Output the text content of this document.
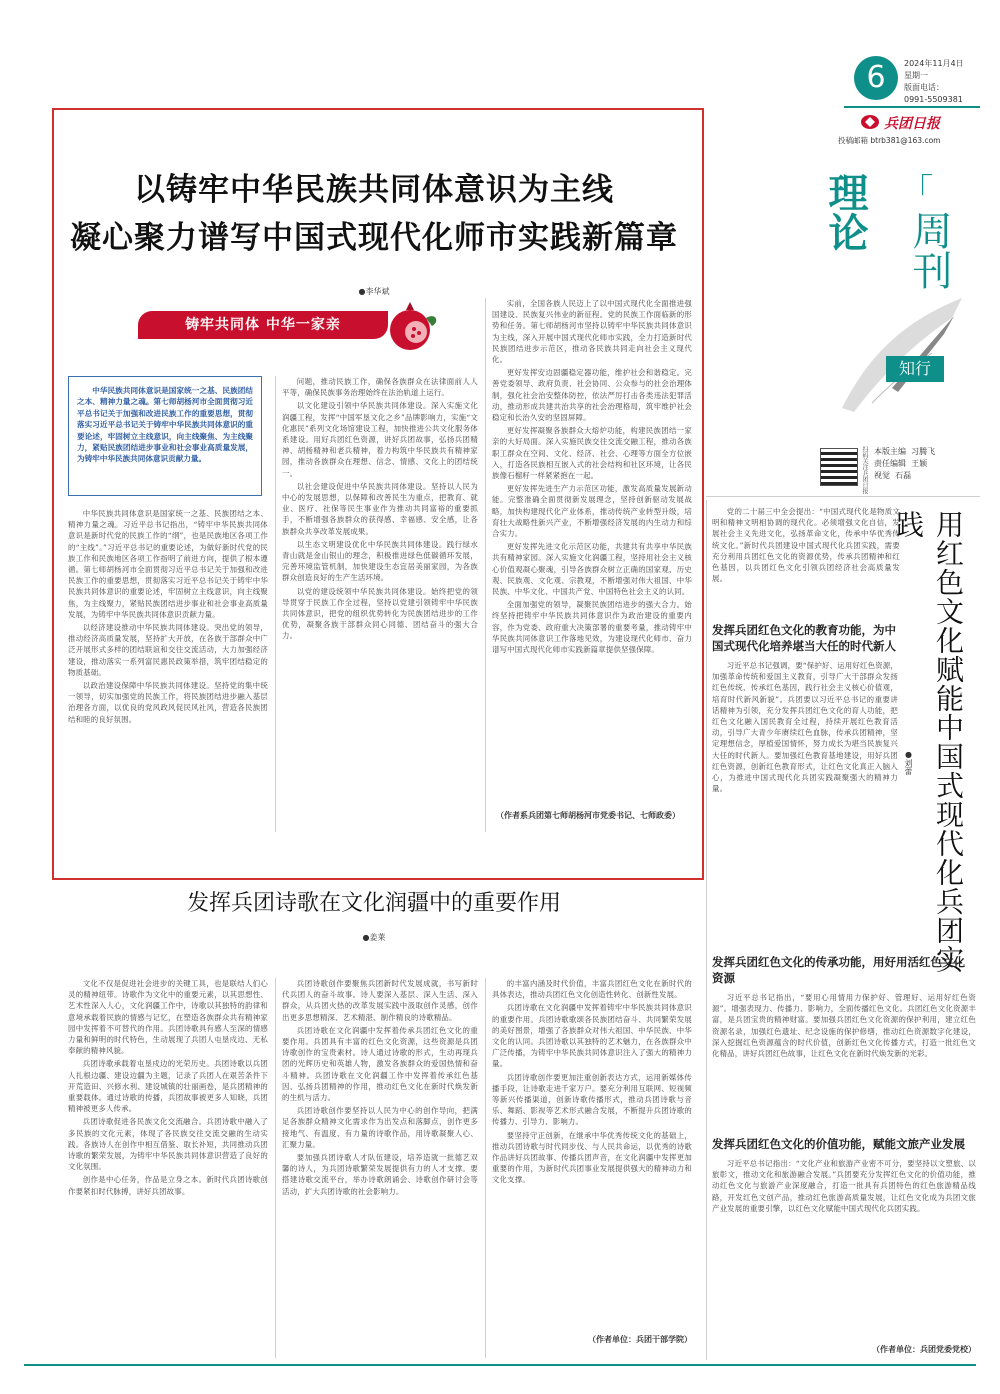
6	2024年11月4日
星期一
版面电话：
0991-5509381
兵团日报
投稿邮箱 btrb381@163.com
「
理论 周刊
知行
扫码关注兵团日报 本版主编 习腾飞
责任编辑 王颖
视觉 石磊
以铸牢中华民族共同体意识为主线
凝心聚力谱写中国式现代化师市实践新篇章
●李华斌
铸牢共同体 中华一家亲
中华民族共同体意识是国家统一之基、民族团结之本、精神力量之魂。第七师胡杨河市全面贯彻习近平总书记关于加强和改进民族工作的重要思想，贯彻落实习近平总书记关于铸牢中华民族共同体意识的重要论述，牢固树立主线意识，向主线聚焦、为主线聚力，紧贴民族团结进步事业和社会事业高质量发展，为铸牢中华民族共同体意识贡献力量。

中华民族共同体意识是国家统一之基、民族团结之本、精神力量之魂。习近平总书记指出，“铸牢中华民族共同体意识是新时代党的民族工作的“纲”，也是民族地区各项工作的“主线”。”习近平总书记的重要论述，为做好新时代党的民族工作和民族地区各项工作指明了前进方向，提供了根本遵循。第七师胡杨河市全面贯彻习近平总书记关于加强和改进民族工作的重要思想，贯彻落实习近平总书记关于铸牢中华民族共同体意识的重要论述，牢固树立主线意识，向主线聚焦，为主线聚力，紧贴民族团结进步事业和社会事业高质量发展，为铸牢中华民族共同体意识贡献力量。

以经济建设推动中华民族共同体建设。突出党的领导，推动经济高质量发展，坚持扩大开放，在各族干部群众中广泛开展形式多样的团结联谊和交往交流活动，大力加强经济建设，推动落实一系列富民惠民政策举措，筑牢团结稳定的物质基础。

以政治建设保障中华民族共同体建设。坚持党的集中统一领导，切实加强党的民族工作，将民族团结进步融入基层治理各方面，以优良的党风政风促民风社风，营造各民族团结和睦的良好氛围。

问题，推动民族工作，确保各族群众在法律面前人人平等，确保民族事务治理始终在法治轨道上运行。

以文化建设引领中华民族共同体建设。深入实施文化润疆工程，发挥“中国军垦文化之乡”品牌影响力，实施“文化惠民”系列文化场馆建设工程，加快推进公共文化服务体系建设。用好兵团红色资源，讲好兵团故事，弘扬兵团精神、胡杨精神和老兵精神，着力构筑中华民族共有精神家园，推动各族群众在理想、信念、情感、文化上的团结统一。

以社会建设促进中华民族共同体建设。坚持以人民为中心的发展思想，以保障和改善民生为重点，把教育、就业、医疗、社保等民生事业作为推动共同富裕的重要抓手，不断增强各族群众的获得感、幸福感、安全感，让各族群众共享改革发展成果。

以生态文明建设优化中华民族共同体建设。践行绿水青山就是金山银山的理念，积极推进绿色低碳循环发展，完善环境监管机制，加快建设生态宜居美丽家园，为各族群众创造良好的生产生活环境。

以党的建设统领中华民族共同体建设。始终把党的领导贯穿于民族工作全过程，坚持以党建引领铸牢中华民族共同体意识，把党的组织优势转化为民族团结进步的工作优势，凝聚各族干部群众同心同德、团结奋斗的强大合力。

实前，全国各族人民迈上了以中国式现代化全面推进强国建设、民族复兴伟业的新征程。党的民族工作面临新的形势和任务。第七师胡杨河市坚持以铸牢中华民族共同体意识为主线，深入开展中国式现代化师市实践，全力打造新时代民族团结进步示范区，推动各民族共同走向社会主义现代化。

更好发挥安边固疆稳定器功能，维护社会和谐稳定。完善党委领导、政府负责、社会协同、公众参与的社会治理体制，强化社会治安整体防控，依法严厉打击各类违法犯罪活动，推动形成共建共治共享的社会治理格局，筑牢维护社会稳定和长治久安的坚固屏障。

更好发挥凝聚各族群众大熔炉功能，构建民族团结一家亲的大好局面。深入实施民族交往交流交融工程，推动各族职工群众在空间、文化、经济、社会、心理等方面全方位嵌入，打造各民族相互嵌入式的社会结构和社区环境，让各民族像石榴籽一样紧紧抱在一起。

更好发挥先进生产力示范区功能，激发高质量发展新动能。完整准确全面贯彻新发展理念，坚持创新驱动发展战略，加快构建现代化产业体系，推动传统产业转型升级，培育壮大战略性新兴产业，不断增强经济发展的内生动力和综合实力。

更好发挥先进文化示范区功能，共建共有共享中华民族共有精神家园。深入实施文化润疆工程，坚持用社会主义核心价值观凝心聚魂，引导各族群众树立正确的国家观、历史观、民族观、文化观、宗教观，不断增强对伟大祖国、中华民族、中华文化、中国共产党、中国特色社会主义的认同。

全面加强党的领导，凝聚民族团结进步的强大合力。始终坚持把铸牢中华民族共同体意识作为政治建设的重要内容，作为党委、政府重大决策部署的重要考量，推动铸牢中华民族共同体意识工作落地见效，为建设现代化师市、奋力谱写中国式现代化师市实践新篇章提供坚强保障。

（作者系兵团第七师胡杨河市党委书记、七师政委）
发挥兵团诗歌在文化润疆中的重要作用
●姜莱

文化不仅是促进社会进步的关键工具，也是联结人们心灵的精神纽带。诗歌作为文化中的重要元素，以其思想性、艺术性深入人心，文化润疆工作中，诗歌以其独特的韵律和意境承载着民族的情感与记忆，在塑造各族群众共有精神家园中发挥着不可替代的作用。兵团诗歌具有感人至深的情感力量和鲜明的时代特色，生动展现了兵团人屯垦戍边、无私奉献的精神风貌。

兵团诗歌承载着屯垦戍边的光荣历史。兵团诗歌以兵团人扎根边疆、建设边疆为主题，记录了兵团人在艰苦条件下开荒造田、兴修水利、建设城镇的壮丽画卷，是兵团精神的重要载体。通过诗歌的传播，兵团故事被更多人知晓，兵团精神被更多人传承。

兵团诗歌促进各民族文化交流融合。兵团诗歌中融入了多民族的文化元素，体现了各民族交往交流交融的生动实践。各族诗人在创作中相互借鉴、取长补短，共同推动兵团诗歌的繁荣发展，为铸牢中华民族共同体意识营造了良好的文化氛围。

创作是中心任务，作品是立身之本。新时代兵团诗歌创作要紧扣时代脉搏，讲好兵团故事。

兵团诗歌创作要聚焦兵团新时代发展成就，书写新时代兵团人的奋斗故事。诗人要深入基层、深入生活、深入群众，从兵团火热的改革发展实践中汲取创作灵感，创作出更多思想精深、艺术精湛、制作精良的诗歌精品。

兵团诗歌在文化润疆中发挥着传承兵团红色文化的重要作用。兵团具有丰富的红色文化资源，这些资源是兵团诗歌创作的宝贵素材。诗人通过诗歌的形式，生动再现兵团的光辉历史和英雄人物，激发各族群众的爱国热情和奋斗精神。兵团诗歌在文化润疆工作中发挥着传承红色基因、弘扬兵团精神的作用，推动红色文化在新时代焕发新的生机与活力。

兵团诗歌创作要坚持以人民为中心的创作导向，把满足各族群众精神文化需求作为出发点和落脚点，创作更多接地气、有温度、有力量的诗歌作品，用诗歌凝聚人心、汇聚力量。

要加强兵团诗歌人才队伍建设，培养造就一批德艺双馨的诗人，为兵团诗歌繁荣发展提供有力的人才支撑。要搭建诗歌交流平台，举办诗歌朗诵会、诗歌创作研讨会等活动，扩大兵团诗歌的社会影响力。

的丰富内涵及时代价值，丰富兵团红色文化在新时代的具体表达，推动兵团红色文化创造性转化、创新性发展。

兵团诗歌在文化润疆中发挥着铸牢中华民族共同体意识的重要作用。兵团诗歌歌颂各民族团结奋斗、共同繁荣发展的美好图景，增强了各族群众对伟大祖国、中华民族、中华文化的认同。兵团诗歌以其独特的艺术魅力，在各族群众中广泛传播，为铸牢中华民族共同体意识注入了强大的精神力量。

兵团诗歌创作要更加注重创新表达方式，运用新媒体传播手段，让诗歌走进千家万户。要充分利用互联网、短视频等新兴传播渠道，创新诗歌传播形式，推动兵团诗歌与音乐、舞蹈、影视等艺术形式融合发展，不断提升兵团诗歌的传播力、引导力、影响力。

要坚持守正创新，在继承中华优秀传统文化的基础上，推动兵团诗歌与时代同步伐、与人民共命运，以优秀的诗歌作品讲好兵团故事、传播兵团声音，在文化润疆中发挥更加重要的作用，为新时代兵团事业发展提供强大的精神动力和文化支撑。

（作者单位：兵团干部学院）
用红色文化赋能中国式现代化兵团实践
●刘蕾

党的二十届三中全会提出：“中国式现代化是物质文明和精神文明相协调的现代化。必须增强文化自信，发展社会主义先进文化，弘扬革命文化，传承中华优秀传统文化。”新时代兵团建设中国式现代化兵团实践，需要充分利用兵团红色文化的资源优势，传承兵团精神和红色基因，以兵团红色文化引领兵团经济社会高质量发展。

发挥兵团红色文化的教育功能，为中国式现代化培养堪当大任的时代新人

习近平总书记强调，要“保护好、运用好红色资源，加强革命传统和爱国主义教育，引导广大干部群众发扬红色传统、传承红色基因，践行社会主义核心价值观，培育时代新风新貌”。兵团要以习近平总书记的重要讲话精神为引领，充分发挥兵团红色文化的育人功能，把红色文化融入国民教育全过程，持续开展红色教育活动，引导广大青少年赓续红色血脉，传承兵团精神，坚定理想信念，厚植爱国情怀，努力成长为堪当民族复兴大任的时代新人。要加强红色教育基地建设，用好兵团红色资源，创新红色教育形式，让红色文化真正入脑入心，为推进中国式现代化兵团实践凝聚强大的精神力量。

发挥兵团红色文化的传承功能，用好用活红色文化资源

习近平总书记指出，“要用心用情用力保护好、管理好、运用好红色资源”。增强表现力、传播力、影响力，全面传播红色文化。兵团红色文化资源丰富，是兵团宝贵的精神财富。要加强兵团红色文化资源的保护利用，建立红色资源名录，加强红色遗址、纪念设施的保护修缮，推动红色资源数字化建设，深入挖掘红色资源蕴含的时代价值，创新红色文化传播方式，打造一批红色文化精品，讲好兵团红色故事，让红色文化在新时代焕发新的光彩。

发挥兵团红色文化的价值功能，赋能文旅产业发展

习近平总书记指出：“文化产业和旅游产业密不可分，要坚持以文塑旅、以旅彰文，推动文化和旅游融合发展。”兵团要充分发挥红色文化的价值功能，推动红色文化与旅游产业深度融合，打造一批具有兵团特色的红色旅游精品线路，开发红色文创产品，推动红色旅游高质量发展，让红色文化成为兵团文旅产业发展的重要引擎，以红色文化赋能中国式现代化兵团实践。

（作者单位：兵团党委党校）
